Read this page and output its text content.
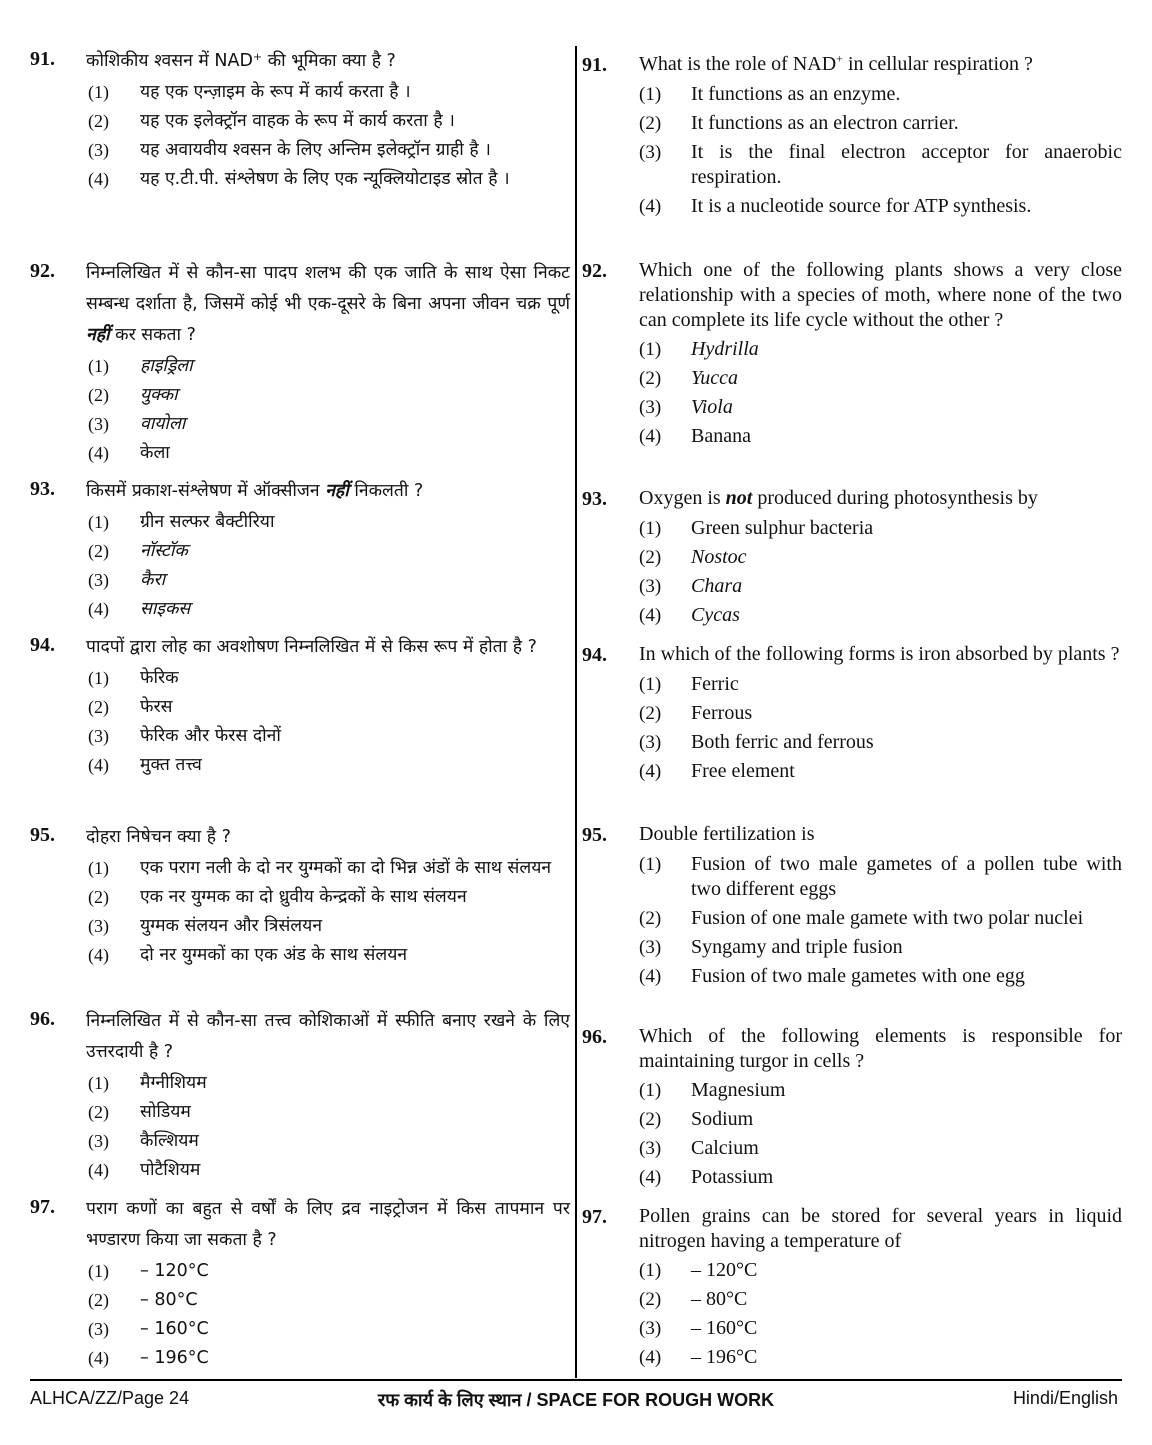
91.	कोशिकीय श्वसन में NAD⁺ की भूमिका क्या है ?
(1)	यह एक एन्ज़ाइम के रूप में कार्य करता है ।
(2)	यह एक इलेक्ट्रॉन वाहक के रूप में कार्य करता है ।
(3)	यह अवायवीय श्वसन के लिए अन्तिम इलेक्ट्रॉन ग्राही है ।
(4)	यह ए.टी.पी. संश्लेषण के लिए एक न्यूक्लियोटाइड स्रोत है ।
92.	निम्नलिखित में से कौन-सा पादप शलभ की एक जाति के साथ ऐसा निकट सम्बन्ध दर्शाता है, जिसमें कोई भी एक-दूसरे के बिना अपना जीवन चक्र पूर्ण नहीं कर सकता ?
(1)	हाइड्रिला
(2)	युक्का
(3)	वायोला
(4)	केला
93.	किसमें प्रकाश-संश्लेषण में ऑक्सीजन नहीं निकलती ?
(1)	ग्रीन सल्फर बैक्टीरिया
(2)	नॉस्टॉक
(3)	कैरा
(4)	साइकस
94.	पादपों द्वारा लोह का अवशोषण निम्नलिखित में से किस रूप में होता है ?
(1)	फेरिक
(2)	फेरस
(3)	फेरिक और फेरस दोनों
(4)	मुक्त तत्त्व
95.	दोहरा निषेचन क्या है ?
(1)	एक पराग नली के दो नर युग्मकों का दो भिन्न अंडों के साथ संलयन
(2)	एक नर युग्मक का दो ध्रुवीय केन्द्रकों के साथ संलयन
(3)	युग्मक संलयन और त्रिसंलयन
(4)	दो नर युग्मकों का एक अंड के साथ संलयन
96.	निम्नलिखित में से कौन-सा तत्त्व कोशिकाओं में स्फीति बनाए रखने के लिए उत्तरदायी है ?
(1)	मैग्नीशियम
(2)	सोडियम
(3)	कैल्शियम
(4)	पोटैशियम
97.	पराग कणों का बहुत से वर्षों के लिए द्रव नाइट्रोजन में किस तापमान पर भण्डारण किया जा सकता है ?
(1)	– 120°C
(2)	– 80°C
(3)	– 160°C
(4)	– 196°C
91.	What is the role of NAD+ in cellular respiration ?
(1)	It functions as an enzyme.
(2)	It functions as an electron carrier.
(3)	It is the final electron acceptor for anaerobic respiration.
(4)	It is a nucleotide source for ATP synthesis.
92.	Which one of the following plants shows a very close relationship with a species of moth, where none of the two can complete its life cycle without the other ?
(1)	Hydrilla
(2)	Yucca
(3)	Viola
(4)	Banana
93.	Oxygen is not produced during photosynthesis by
(1)	Green sulphur bacteria
(2)	Nostoc
(3)	Chara
(4)	Cycas
94.	In which of the following forms is iron absorbed by plants ?
(1)	Ferric
(2)	Ferrous
(3)	Both ferric and ferrous
(4)	Free element
95.	Double fertilization is
(1)	Fusion of two male gametes of a pollen tube with two different eggs
(2)	Fusion of one male gamete with two polar nuclei
(3)	Syngamy and triple fusion
(4)	Fusion of two male gametes with one egg
96.	Which of the following elements is responsible for maintaining turgor in cells ?
(1)	Magnesium
(2)	Sodium
(3)	Calcium
(4)	Potassium
97.	Pollen grains can be stored for several years in liquid nitrogen having a temperature of
(1)	– 120°C
(2)	– 80°C
(3)	– 160°C
(4)	– 196°C
रफ कार्य के लिए स्थान / SPACE FOR ROUGH WORK
ALHCA/ZZ/Page 24	Hindi/English
